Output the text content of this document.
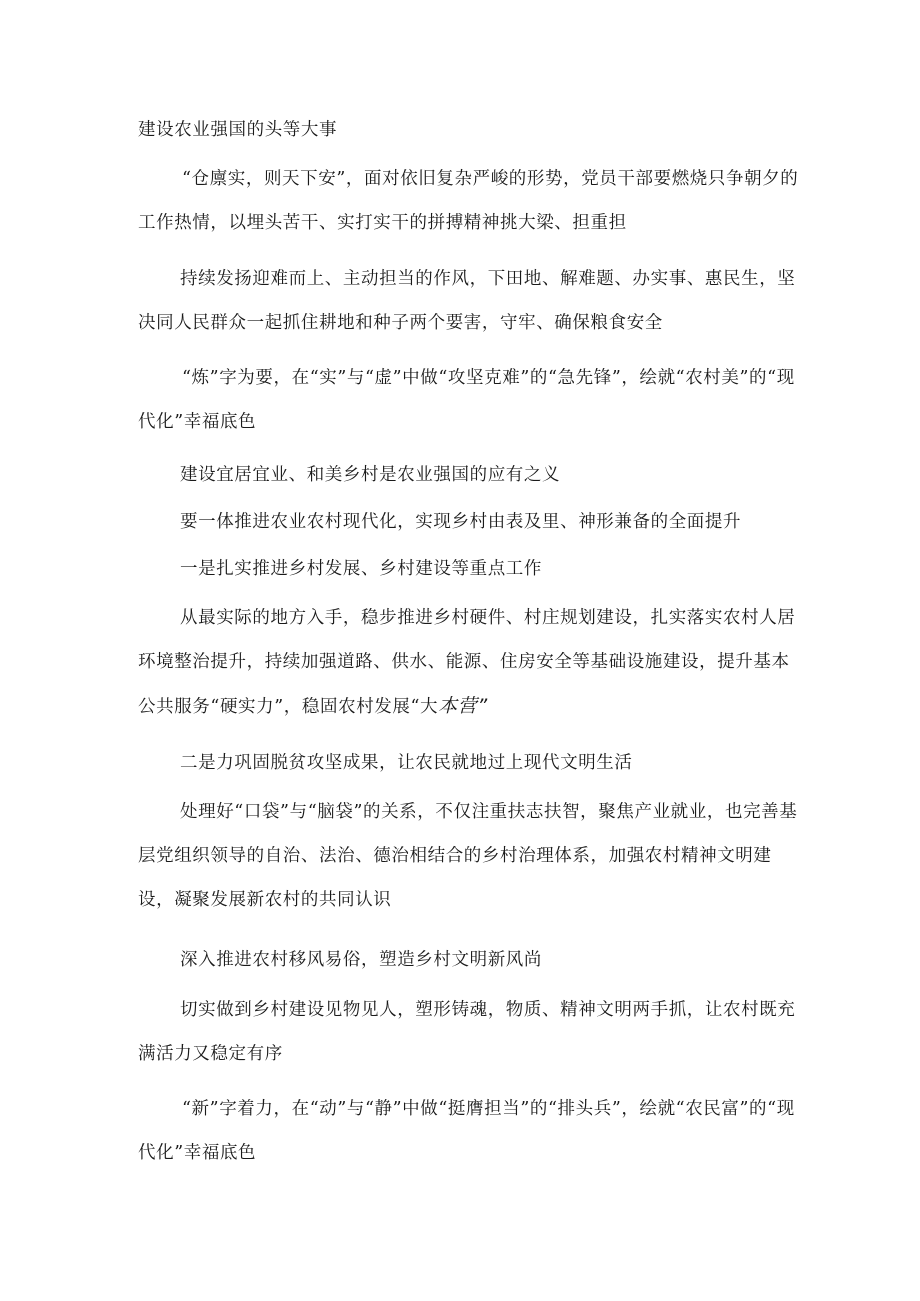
建设农业强国的头等大事

“仓廪实，则天下安”，面对依旧复杂严峻的形势，党员干部要燃烧只争朝夕的工作热情，以埋头苦干、实打实干的拼搏精神挑大梁、担重担

持续发扬迎难而上、主动担当的作风，下田地、解难题、办实事、惠民生，坚决同人民群众一起抓住耕地和种子两个要害，守牢、确保粮食安全

“炼”字为要，在“实”与“虚”中做“攻坚克难”的“急先锋”，绘就“农村美”的“现代化”幸福底色

建设宜居宜业、和美乡村是农业强国的应有之义

要一体推进农业农村现代化，实现乡村由表及里、神形兼备的全面提升

一是扎实推进乡村发展、乡村建设等重点工作

从最实际的地方入手，稳步推进乡村硬件、村庄规划建设，扎实落实农村人居环境整治提升，持续加强道路、供水、能源、住房安全等基础设施建设，提升基本公共服务“硬实力”，稳固农村发展“大本营”

二是力巩固脱贫攻坚成果，让农民就地过上现代文明生活

处理好“口袋”与“脑袋”的关系，不仅注重扶志扶智，聚焦产业就业，也完善基层党组织领导的自治、法治、德治相结合的乡村治理体系，加强农村精神文明建设，凝聚发展新农村的共同认识

深入推进农村移风易俗，塑造乡村文明新风尚

切实做到乡村建设见物见人，塑形铸魂，物质、精神文明两手抓，让农村既充满活力又稳定有序

“新”字着力，在“动”与“静”中做“挺膺担当”的“排头兵”，绘就“农民富”的“现代化”幸福底色
